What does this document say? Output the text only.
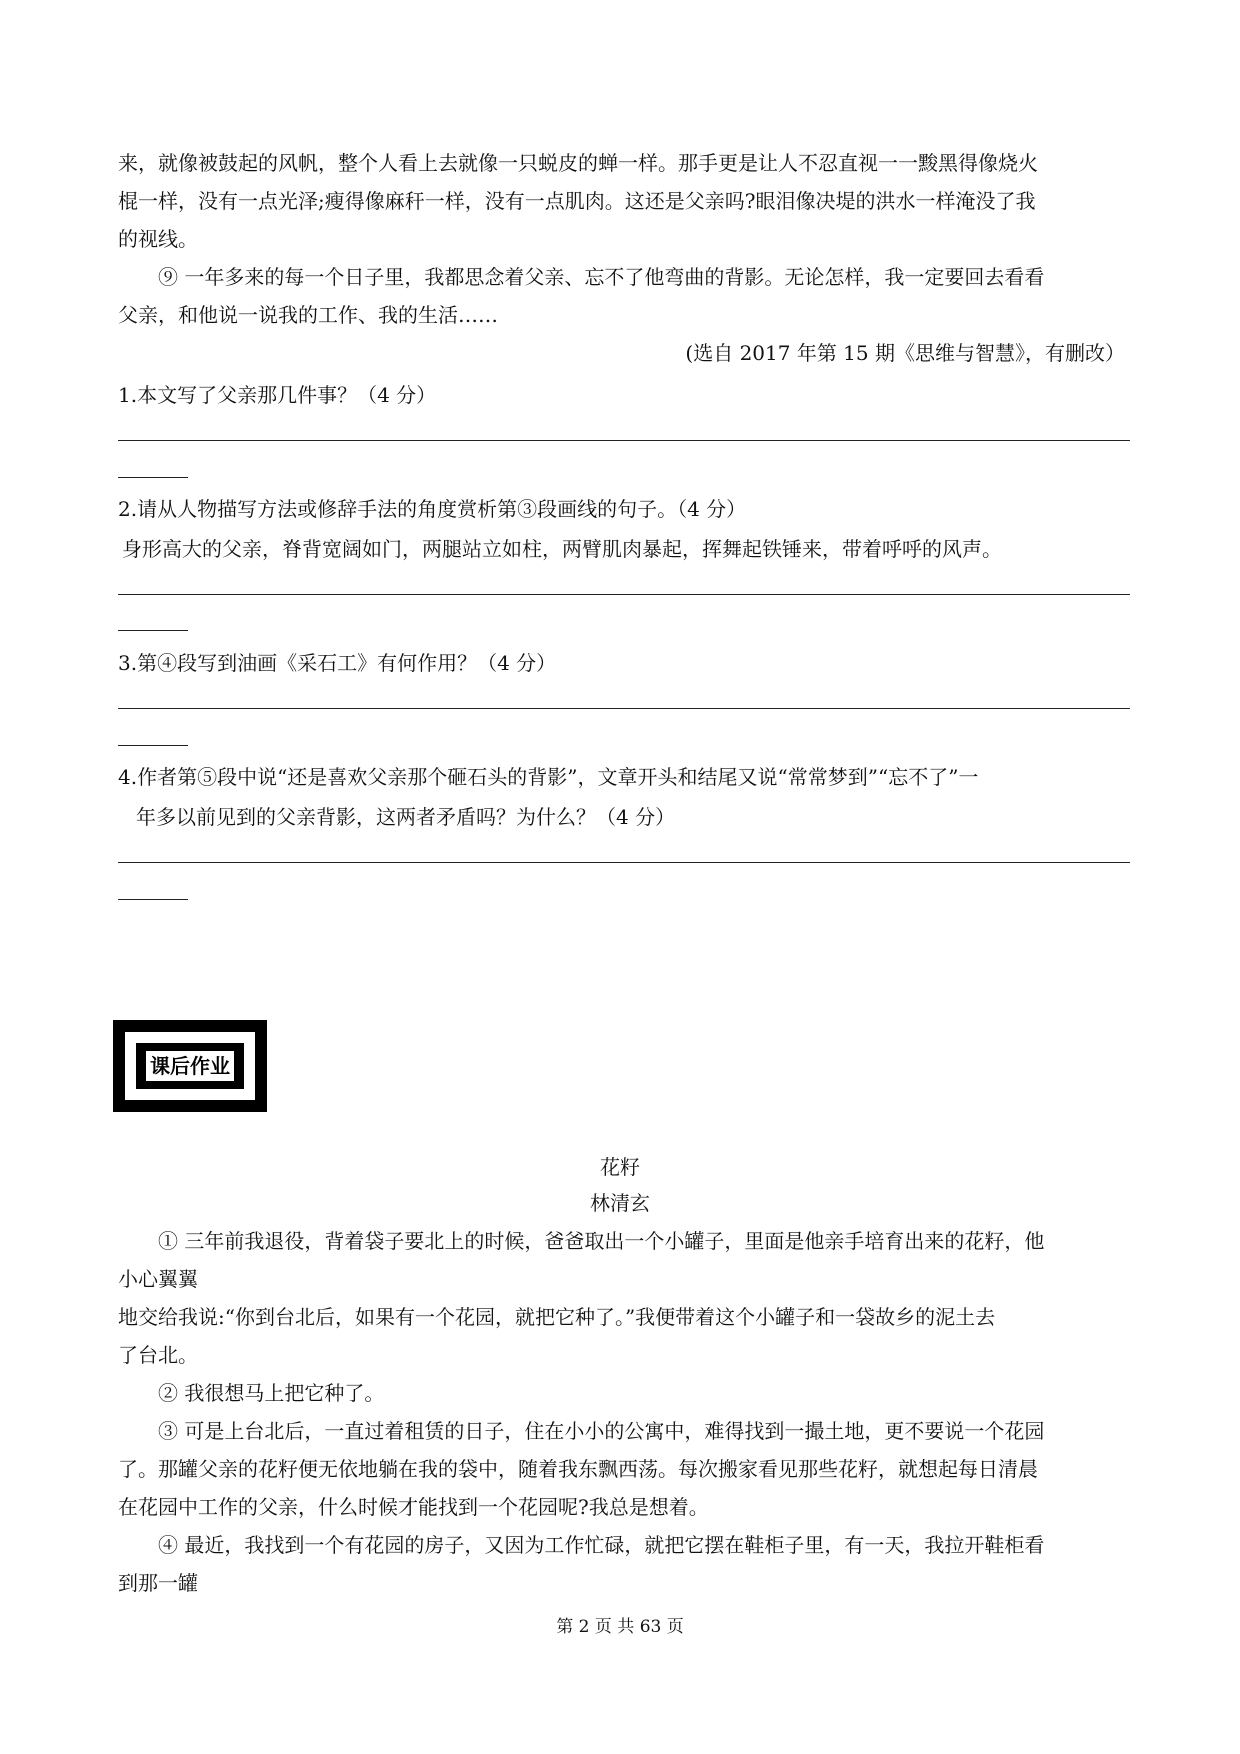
来，就像被鼓起的风帆，整个人看上去就像一只蜕皮的蝉一样。那手更是让人不忍直视一一黢黑得像烧火
棍一样，没有一点光泽;瘦得像麻秆一样，没有一点肌肉。这还是父亲吗?眼泪像决堤的洪水一样淹没了我
的视线。
⑨ 一年多来的每一个日子里，我都思念着父亲、忘不了他弯曲的背影。无论怎样，我一定要回去看看
父亲，和他说一说我的工作、我的生活……
(选自 2017 年第 15 期《思维与智慧》，有删改）
1.本文写了父亲那几件事？（4 分）
2.请从人物描写方法或修辞手法的角度赏析第③段画线的句子。（4 分）
身形高大的父亲，脊背宽阔如门，两腿站立如柱，两臂肌肉暴起，挥舞起铁锤来，带着呼呼的风声。
3.第④段写到油画《采石工》有何作用？（4 分）
4.作者第⑤段中说“还是喜欢父亲那个砸石头的背影”，文章开头和结尾又说“常常梦到”“忘不了”一
年多以前见到的父亲背影，这两者矛盾吗？为什么？（4 分）
课后作业
花籽
林清玄
① 三年前我退役，背着袋子要北上的时候，爸爸取出一个小罐子，里面是他亲手培育出来的花籽，他
小心翼翼
地交给我说:“你到台北后，如果有一个花园，就把它种了。”我便带着这个小罐子和一袋故乡的泥土去
了台北。
② 我很想马上把它种了。
③ 可是上台北后，一直过着租赁的日子，住在小小的公寓中，难得找到一撮土地，更不要说一个花园
了。那罐父亲的花籽便无依地躺在我的袋中，随着我东飘西荡。每次搬家看见那些花籽，就想起每日清晨
在花园中工作的父亲，什么时候才能找到一个花园呢?我总是想着。
④ 最近，我找到一个有花园的房子，又因为工作忙碌，就把它摆在鞋柜子里，有一天，我拉开鞋柜看
到那一罐
第 2 页 共 63 页
